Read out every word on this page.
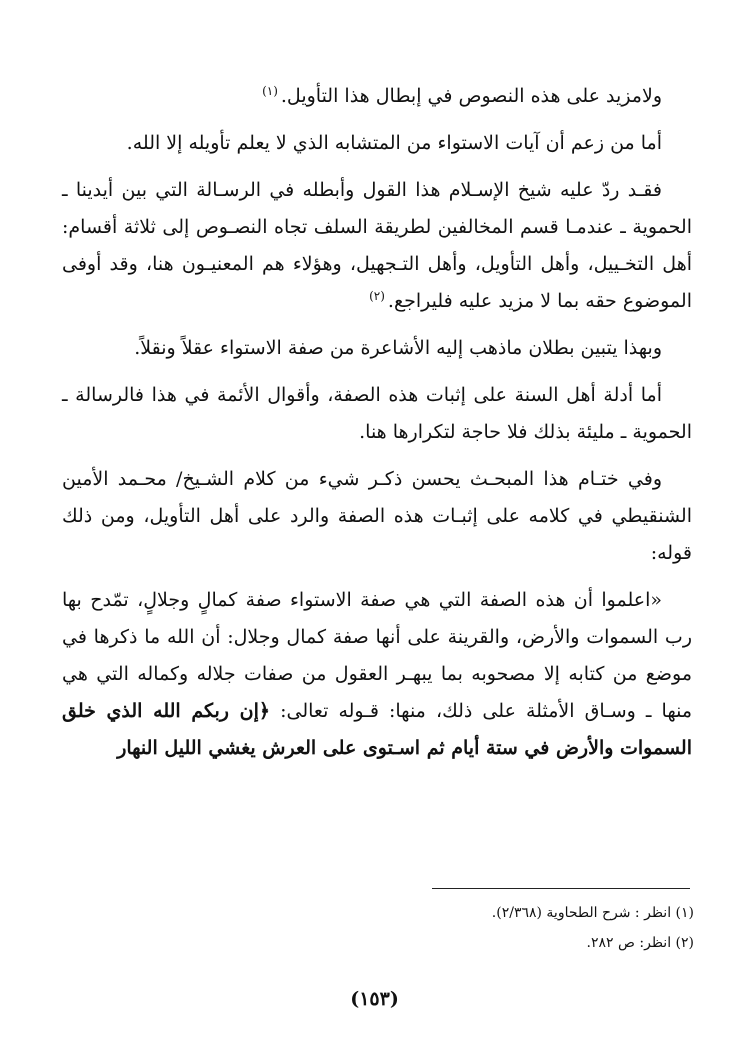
ولامزيد على هذه النصوص في إبطال هذا التأويل.$^{(١)}$

أما من زعم أن آيات الاستواء من المتشابه الذي لا يعلم تأويله إلا الله.

فقـد ردّ عليه شيخ الإسـلام هذا القول وأبطله في الرسـالة التي بين أيدينا ـ الحموية ـ عندمـا قسم المخالفين لطريقة السلف تجاه النصـوص إلى ثلاثة أقسام: أهل التخـييل، وأهل التأويل، وأهل التـجهيل، وهؤلاء هم المعنيـون هنا، وقد أوفى الموضوع حقه بما لا مزيد عليه فليراجع.$^{(٢)}$

وبهذا يتبين بطلان ماذهب إليه الأشاعرة من صفة الاستواء عقلاً ونقلاً.

أما أدلة أهل السنة على إثبات هذه الصفة، وأقوال الأئمة في هذا فالرسالة ـ الحموية ـ مليئة بذلك فلا حاجة لتكرارها هنا.

وفي ختـام هذا المبحـث يحسن ذكـر شيء من كلام الشـيخ/ محـمد الأمين الشنقيطي في كلامه على إثبـات هذه الصفة والرد على أهل التأويل، ومن ذلك قوله:

«اعلموا أن هذه الصفة التي هي صفة الاستواء صفة كمالٍ وجلالٍ، تمّدح بها رب السموات والأرض، والقرينة على أنها صفة كمال وجلال: أن الله ما ذكرها في موضع من كتابه إلا مصحوبه بما يبهـر العقول من صفات جلاله وكماله التي هي منها ـ وسـاق الأمثلة على ذلك، منها: قـوله تعالى: ﴿إن ربكم الله الذي خلق السموات والأرض في ستة أيام ثم اسـتوى على العرش يغشي الليل النهار

(١) انظر : شرح الطحاوية (٢/٣٦٨).

(٢) انظر: ص ٢٨٢.

(١٥٣)
